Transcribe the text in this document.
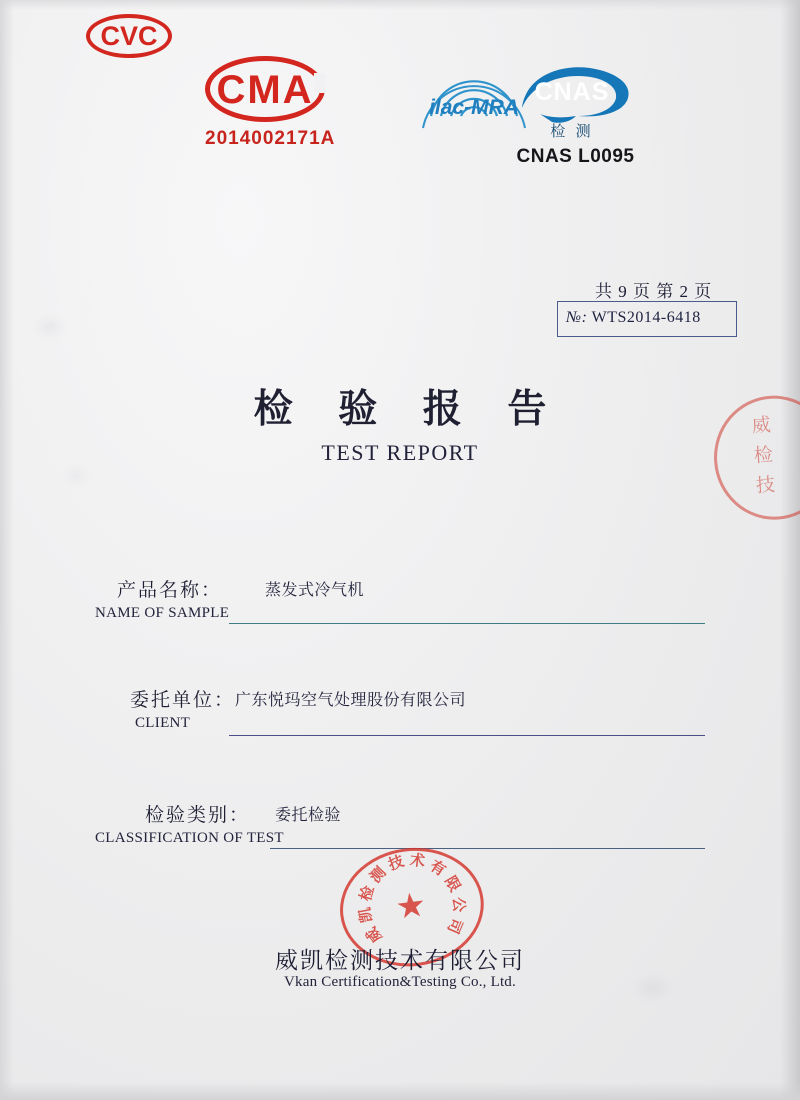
CVC
CMA
2014002171A
ilac-MRA
CNAS
检 测
CNAS L0095
共 9 页 第 2 页
№: WTS2014-6418
检 验 报 告
TEST REPORT
产品名称：
NAME OF SAMPLE
蒸发式冷气机
委托单位：
CLIENT
广东悦玛空气处理股份有限公司
检验类别：
CLASSIFICATION OF TEST
委托检验
威
凯
检
测
技 术 有
限
公
司
★
威
检
技
威凯检测技术有限公司
Vkan Certification&Testing Co., Ltd.
